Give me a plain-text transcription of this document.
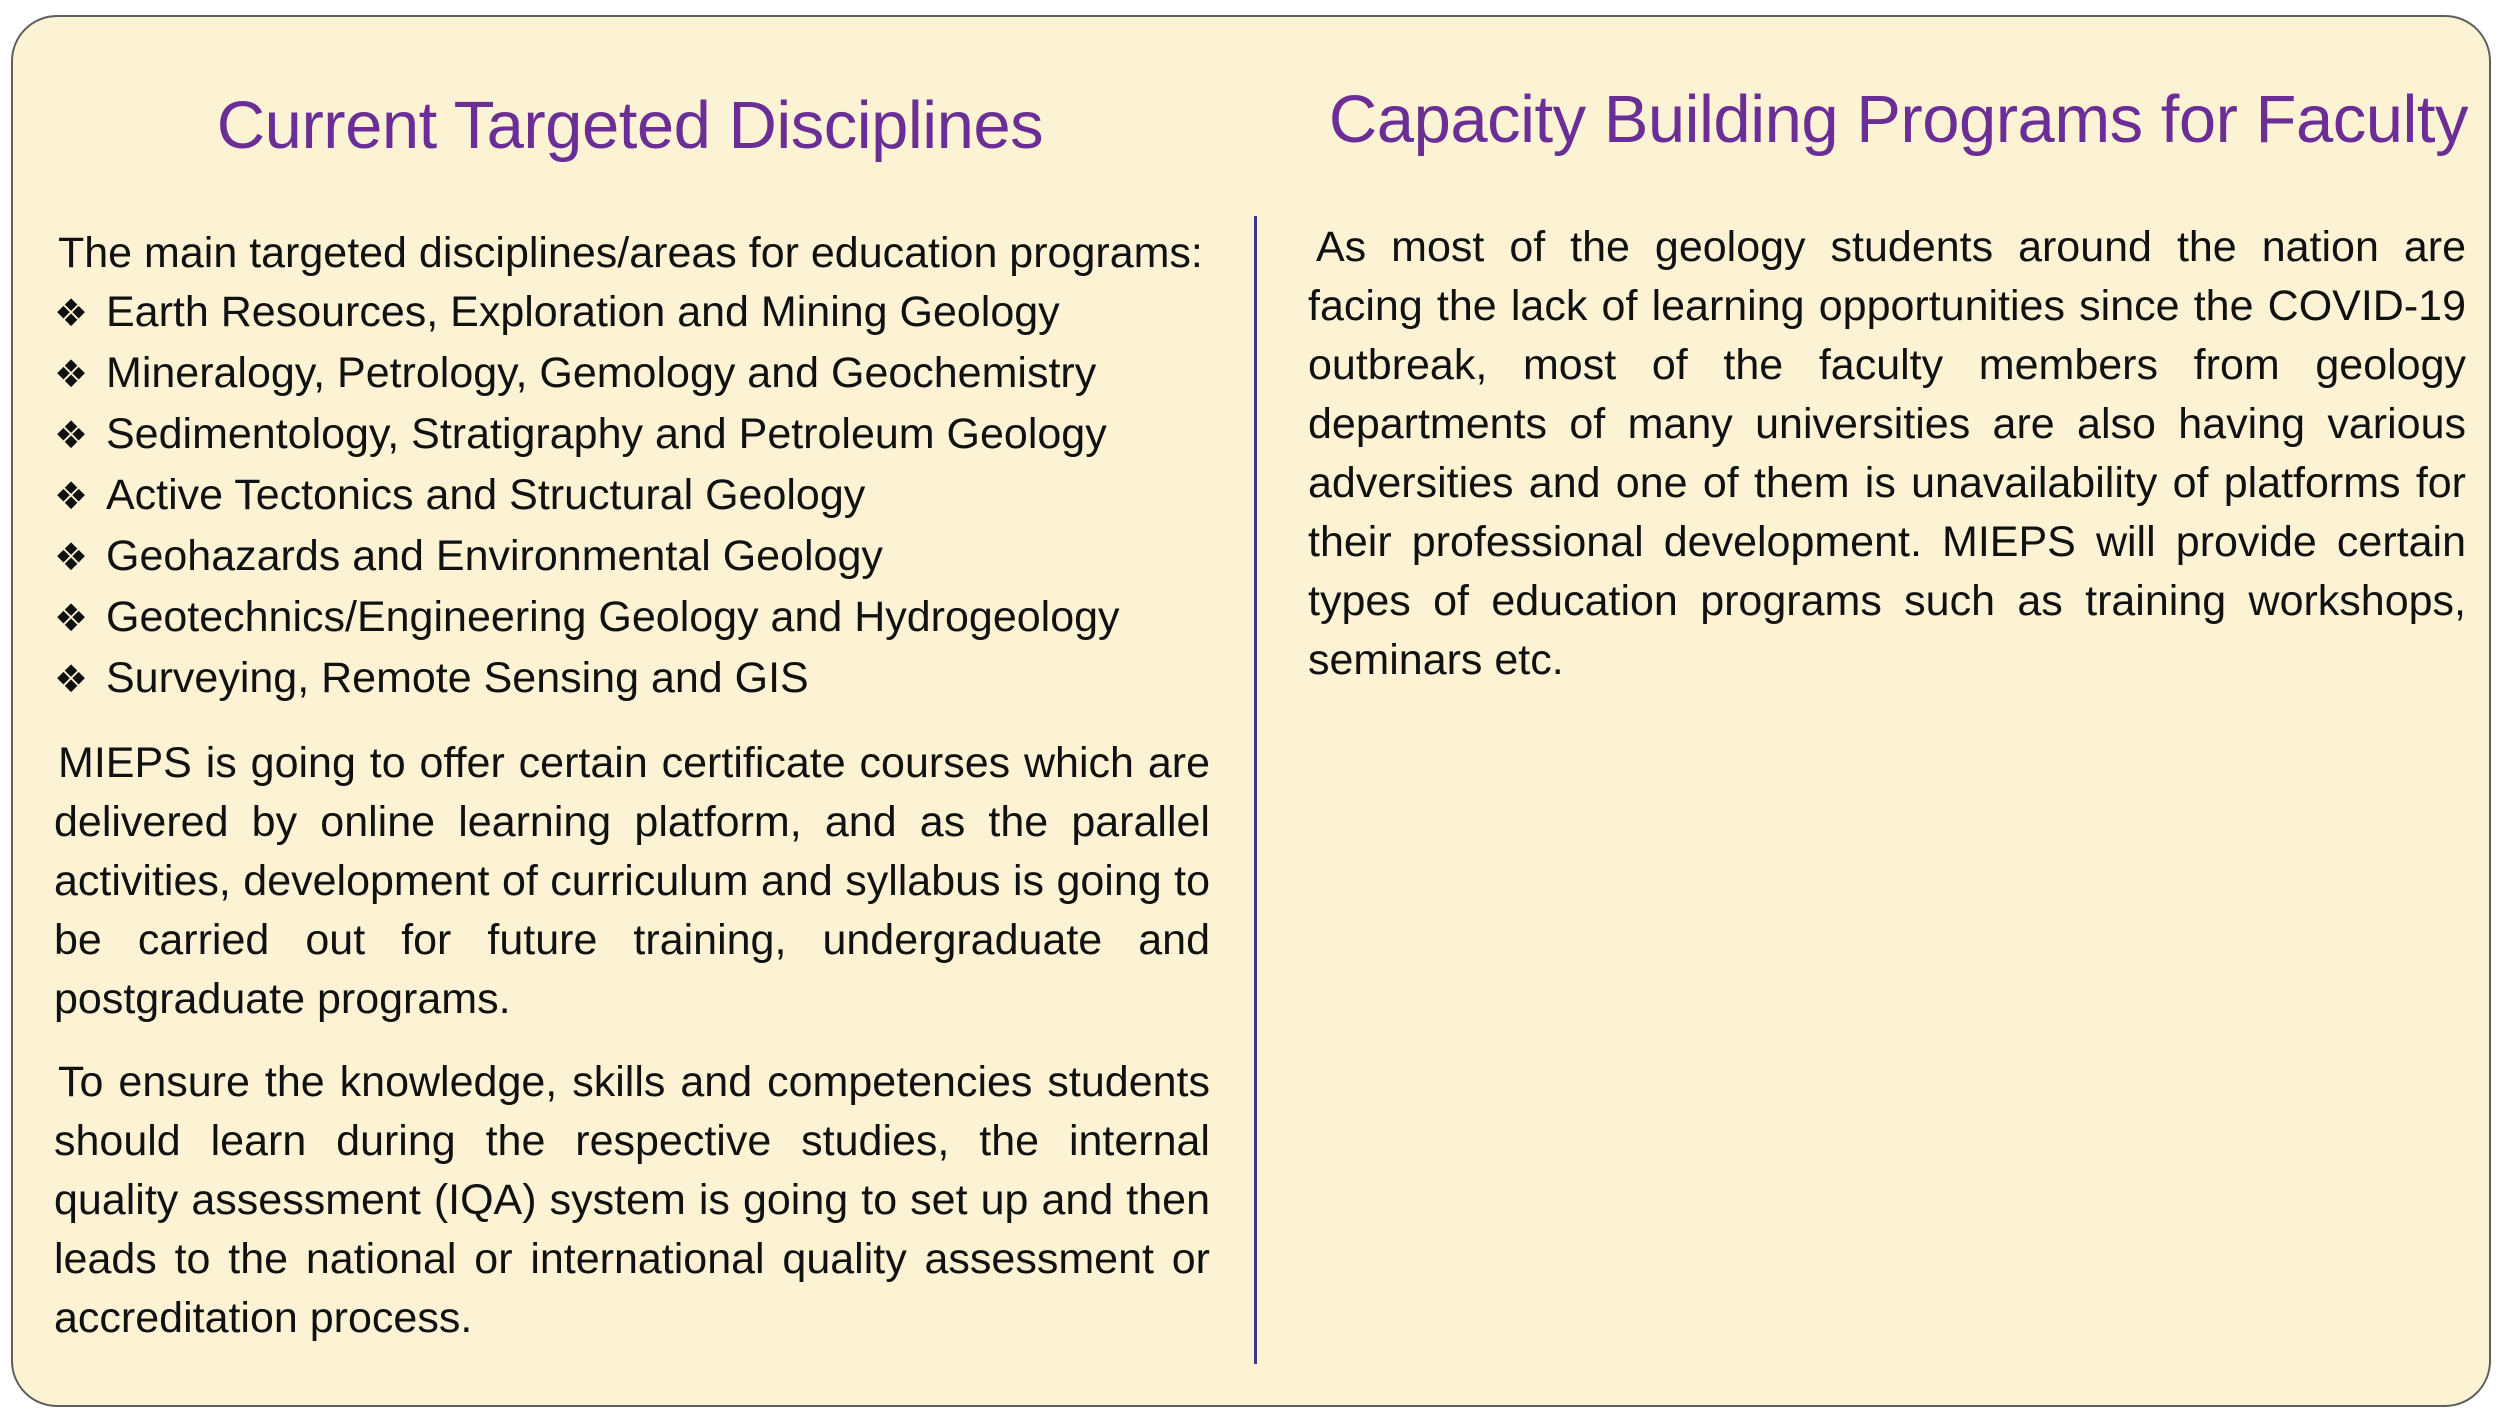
Current Targeted Disciplines	Capacity Building Programs for Faculty

The main targeted disciplines/areas for education programs:

❖ Earth Resources, Exploration and Mining Geology
❖ Mineralogy, Petrology, Gemology and Geochemistry
❖ Sedimentology, Stratigraphy and Petroleum Geology
❖ Active Tectonics and Structural Geology
❖ Geohazards and Environmental Geology
❖ Geotechnics/Engineering Geology and Hydrogeology
❖ Surveying, Remote Sensing and GIS

MIEPS is going to offer certain certificate courses which are delivered by online learning platform, and as the parallel activities, development of curriculum and syllabus is going to be carried out for future training, undergraduate and postgraduate programs.

To ensure the knowledge, skills and competencies students should learn during the respective studies, the internal quality assessment (IQA) system is going to set up and then leads to the national or international quality assessment or accreditation process.

As most of the geology students around the nation are facing the lack of learning opportunities since the COVID-19 outbreak, most of the faculty members from geology departments of many universities are also having various adversities and one of them is unavailability of platforms for their professional development. MIEPS will provide certain types of education programs such as training workshops, seminars etc.
